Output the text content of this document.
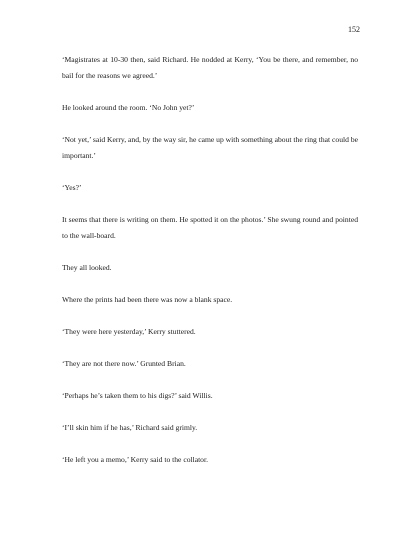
152

‘Magistrates at 10-30 then, said Richard. He nodded at Kerry, ‘You be there, and remember, no bail for the reasons we agreed.’

He looked around the room. ‘No John yet?’

‘Not yet,’ said Kerry, and, by the way sir, he came up with something about the ring that could be important.’

‘Yes?’

It seems that there is writing on them. He spotted it on the photos.’ She swung round and pointed to the wall-board.

They all looked.

Where the prints had been there was now a blank space.

‘They were here yesterday,’ Kerry stuttered.

‘They are not there now.’ Grunted Brian.

‘Perhaps he’s taken them to his digs?’ said Willis.

‘I’ll skin him if he has,’ Richard said grimly.

‘He left you a memo,’ Kerry said to the collator.
